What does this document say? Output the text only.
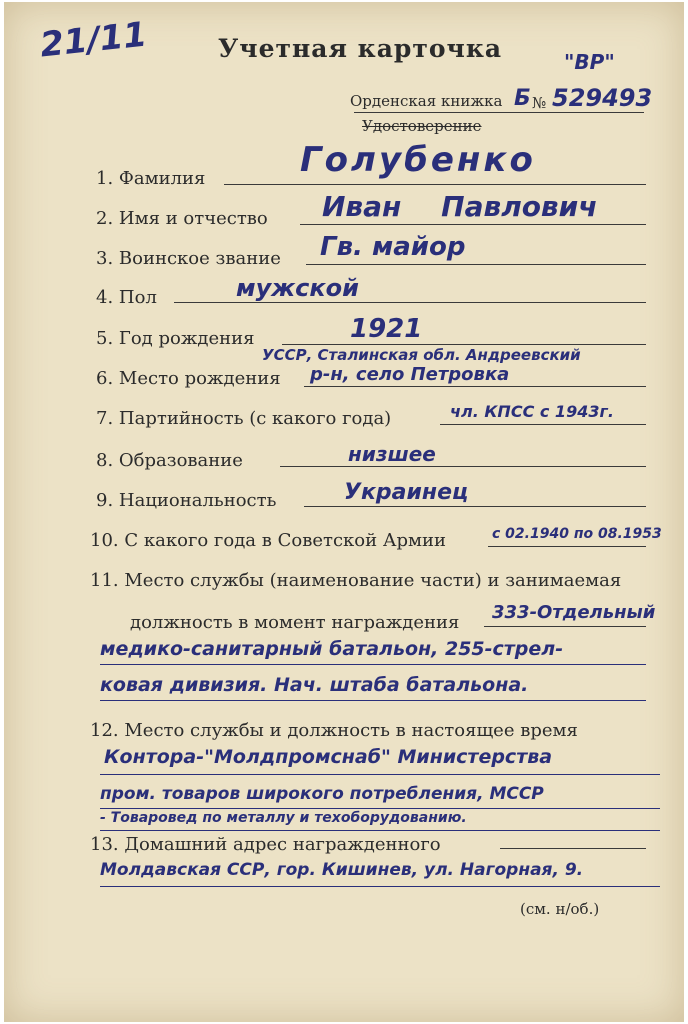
21/11	Учетная карточка	"ВР"
Орденская книжка
Удостоверение
Б № 529493
1. Фамилия	Голубенко
2. Имя и отчество Иван Павлович
3. Воинское звание Гв. майор
4. Пол	мужской
5. Год рождения	1921
6. Место рождения
УССР, Сталинская обл. Андреевский
р-н, село Петровка
7. Партийность (с какого года)	чл. КПСС с 1943г.
8. Образование	низшее
9. Национальность	Украинец
10. С какого года в Советской Армии	с 02.1940 по 08.1953
11. Место службы (наименование части) и занимаемая
должность в момент награждения 333-Отдельный
медико-санитарный батальон, 255-стрел-
ковая дивизия. Нач. штаба батальона.
12. Место службы и должность в настоящее время
Контора-"Молдпромснаб" Министерства
пром. товаров широкого потребления, МССР
- Товаровед по металлу и техоборудованию.
13. Домашний адрес награжденного
Молдавская ССР, гор. Кишинев, ул. Нагорная, 9.
(см. н/об.)
